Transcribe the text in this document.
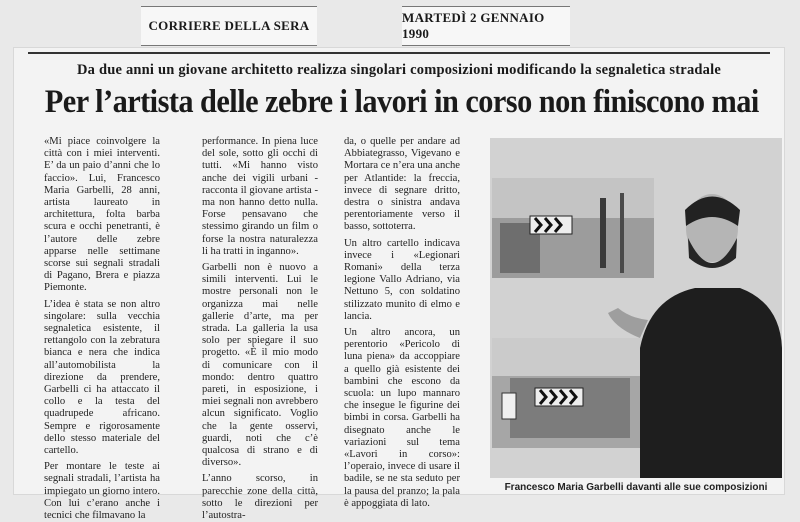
CORRIERE DELLA SERA
MARTEDÌ 2 GENNAIO 1990
Da due anni un giovane architetto realizza singolari composizioni modificando la segnaletica stradale
Per l’artista delle zebre i lavori in corso non finiscono mai

«Mi piace coinvolgere la città con i miei interventi. E’ da un paio d’anni che lo faccio». Lui, Francesco Maria Garbelli, 28 anni, artista laureato in architettura, folta barba scura e occhi penetranti, è l’autore delle zebre apparse nelle settimane scorse sui segnali stradali di Pagano, Brera e piazza Piemonte.

L’idea è stata se non altro singolare: sulla vecchia segnaletica esistente, il rettangolo con la zebratura bianca e nera che indica all’automobilista la direzione da prendere, Garbelli ci ha attaccato il collo e la testa del quadrupede africano. Sempre e rigorosamente dello stesso materiale del cartello.

Per montare le teste ai segnali stradali, l’artista ha impiegato un giorno intero. Con lui c’erano anche i tecnici che filmavano la

performance. In piena luce del sole, sotto gli occhi di tutti. «Mi hanno visto anche dei vigili urbani - racconta il giovane artista - ma non hanno detto nulla. Forse pensavano che stessimo girando un film o forse la nostra naturalezza li ha tratti in inganno».

Garbelli non è nuovo a simili interventi. Lui le mostre personali non le organizza mai nelle gallerie d’arte, ma per strada. La galleria la usa solo per spiegare il suo progetto. «È il mio modo di comunicare con il mondo: dentro quattro pareti, in esposizione, i miei segnali non avrebbero alcun significato. Voglio che la gente osservi, guardi, noti che c’è qualcosa di strano e di diverso».

L’anno scorso, in parecchie zone della città, sotto le direzioni per l’autostra-

da, o quelle per andare ad Abbiategrasso, Vigevano e Mortara ce n’era una anche per Atlantide: la freccia, invece di segnare dritto, destra o sinistra andava perentoriamente verso il basso, sottoterra.

Un altro cartello indicava invece i «Legionari Romani» della terza legione Vallo Adriano, via Nettuno 5, con soldatino stilizzato munito di elmo e lancia.

Un altro ancora, un perentorio «Pericolo di luna piena» da accoppiare a quello già esistente dei bambini che escono da scuola: un lupo mannaro che insegue le figurine dei bimbi in corsa. Garbelli ha disegnato anche le variazioni sul tema «Lavori in corso»: l’operaio, invece di usare il badile, se ne sta seduto per la pausa del pranzo; la pala è appoggiata di lato.

Francesco Maria Garbelli davanti alle sue composizioni
